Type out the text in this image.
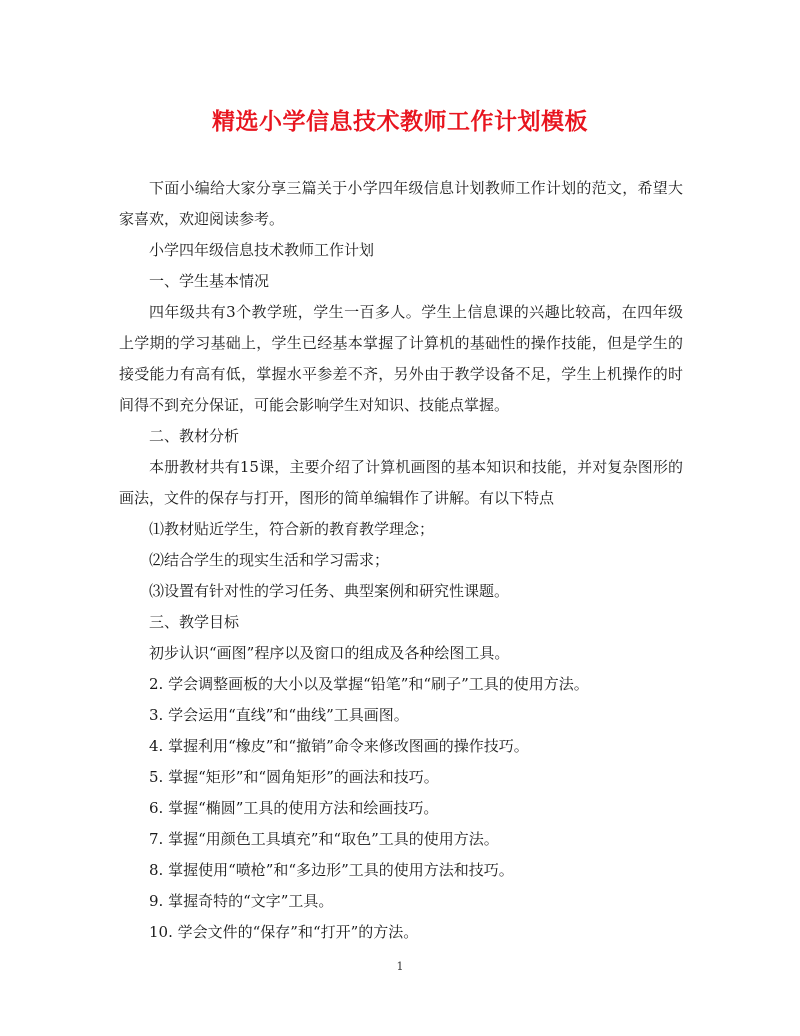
精选小学信息技术教师工作计划模板

下面小编给大家分享三篇关于小学四年级信息计划教师工作计划的范文，希望大家喜欢，欢迎阅读参考。

小学四年级信息技术教师工作计划

一、学生基本情况

四年级共有3个教学班，学生一百多人。学生上信息课的兴趣比较高，在四年级上学期的学习基础上，学生已经基本掌握了计算机的基础性的操作技能，但是学生的接受能力有高有低，掌握水平参差不齐，另外由于教学设备不足，学生上机操作的时间得不到充分保证，可能会影响学生对知识、技能点掌握。

二、教材分析

本册教材共有15课，主要介绍了计算机画图的基本知识和技能，并对复杂图形的画法，文件的保存与打开，图形的简单编辑作了讲解。有以下特点

⑴教材贴近学生，符合新的教育教学理念；

⑵结合学生的现实生活和学习需求；

⑶设置有针对性的学习任务、典型案例和研究性课题。

三、教学目标

初步认识“画图”程序以及窗口的组成及各种绘图工具。

2. 学会调整画板的大小以及掌握“铅笔”和“刷子”工具的使用方法。

3. 学会运用“直线”和“曲线”工具画图。

4. 掌握利用“橡皮”和“撤销”命令来修改图画的操作技巧。

5. 掌握“矩形”和“圆角矩形”的画法和技巧。

6. 掌握“椭圆”工具的使用方法和绘画技巧。

7. 掌握“用颜色工具填充”和“取色”工具的使用方法。

8. 掌握使用“喷枪”和“多边形”工具的使用方法和技巧。

9. 掌握奇特的“文字”工具。

10. 学会文件的“保存”和“打开”的方法。

1
